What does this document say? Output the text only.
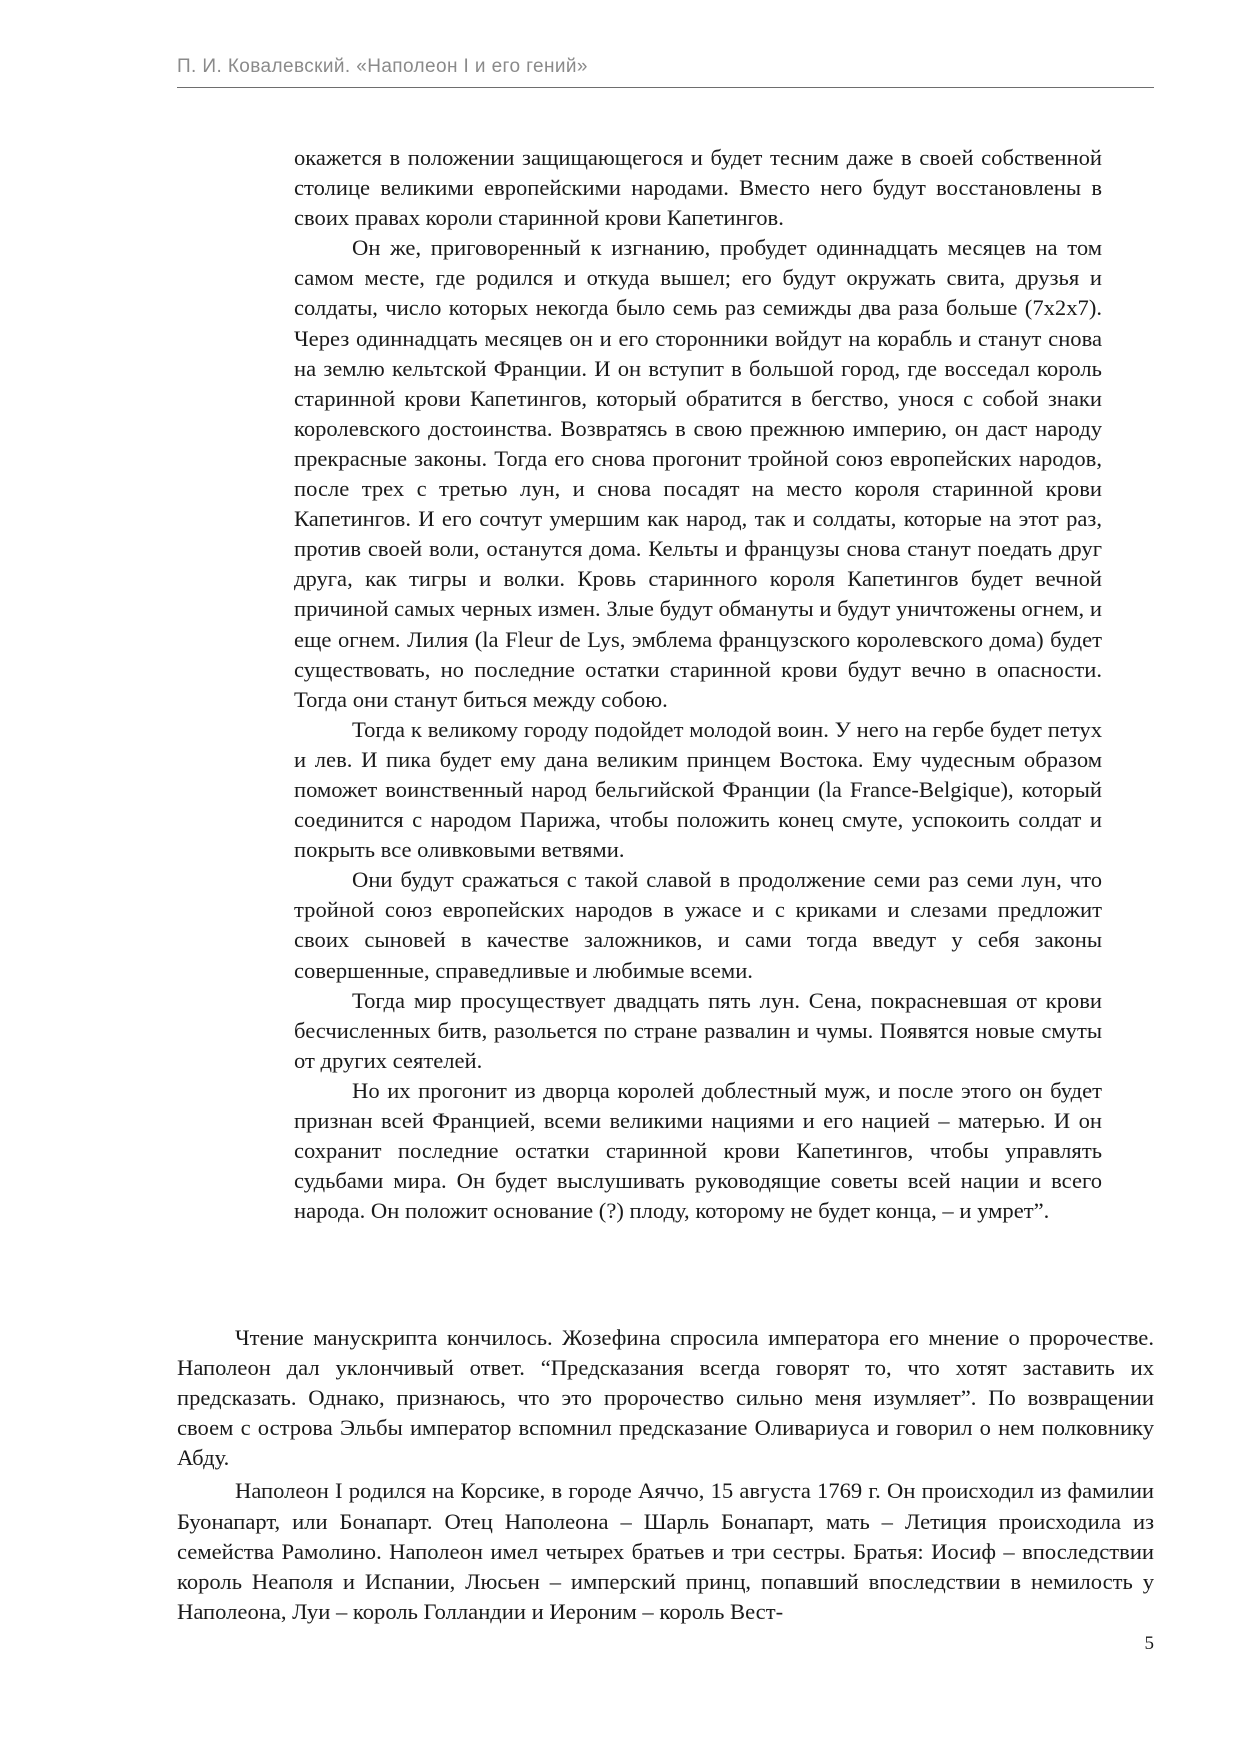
П. И. Ковалевский. «Наполеон I и его гений»

окажется в положении защищающегося и будет тесним даже в своей собственной столице великими европейскими народами. Вместо него будут восстановлены в своих правах короли старинной крови Капетингов.

Он же, приговоренный к изгнанию, пробудет одиннадцать месяцев на том самом месте, где родился и откуда вышел; его будут окружать свита, друзья и солдаты, число которых некогда было семь раз семижды два раза больше (7х2х7). Через одиннадцать месяцев он и его сторонники войдут на корабль и станут снова на землю кельтской Франции. И он вступит в большой город, где восседал король старинной крови Капетингов, который обратится в бегство, унося с собой знаки королевского достоинства. Возвратясь в свою прежнюю империю, он даст народу прекрасные законы. Тогда его снова прогонит тройной союз европейских народов, после трех с третью лун, и снова посадят на место короля старинной крови Капетингов. И его сочтут умершим как народ, так и солдаты, которые на этот раз, против своей воли, останутся дома. Кельты и французы снова станут поедать друг друга, как тигры и волки. Кровь старинного короля Капетингов будет вечной причиной самых черных измен. Злые будут обмануты и будут уничтожены огнем, и еще огнем. Лилия (la Fleur de Lys, эмблема французского королевского дома) будет существовать, но последние остатки старинной крови будут вечно в опасности. Тогда они станут биться между собою.

Тогда к великому городу подойдет молодой воин. У него на гербе будет петух и лев. И пика будет ему дана великим принцем Востока. Ему чудесным образом поможет воинственный народ бельгийской Франции (la France-Belgique), который соединится с народом Парижа, чтобы положить конец смуте, успокоить солдат и покрыть все оливковыми ветвями.

Они будут сражаться с такой славой в продолжение семи раз семи лун, что тройной союз европейских народов в ужасе и с криками и слезами предложит своих сыновей в качестве заложников, и сами тогда введут у себя законы совершенные, справедливые и любимые всеми.

Тогда мир просуществует двадцать пять лун. Сена, покрасневшая от крови бесчисленных битв, разольется по стране развалин и чумы. Появятся новые смуты от других сеятелей.

Но их прогонит из дворца королей доблестный муж, и после этого он будет признан всей Францией, всеми великими нациями и его нацией – матерью. И он сохранит последние остатки старинной крови Капетингов, чтобы управлять судьбами мира. Он будет выслушивать руководящие советы всей нации и всего народа. Он положит основание (?) плоду, которому не будет конца, – и умрет”.

Чтение манускрипта кончилось. Жозефина спросила императора его мнение о пророчестве. Наполеон дал уклончивый ответ. “Предсказания всегда говорят то, что хотят заставить их предсказать. Однако, признаюсь, что это пророчество сильно меня изумляет”. По возвращении своем с острова Эльбы император вспомнил предсказание Оливариуса и говорил о нем полковнику Абду.

Наполеон I родился на Корсике, в городе Аяччо, 15 августа 1769 г. Он происходил из фамилии Буонапарт, или Бонапарт. Отец Наполеона – Шарль Бонапарт, мать – Летиция происходила из семейства Рамолино. Наполеон имел четырех братьев и три сестры. Братья: Иосиф – впоследствии король Неаполя и Испании, Люсьен – имперский принц, попавший впоследствии в немилость у Наполеона, Луи – король Голландии и Иероним – король Вест-

5
